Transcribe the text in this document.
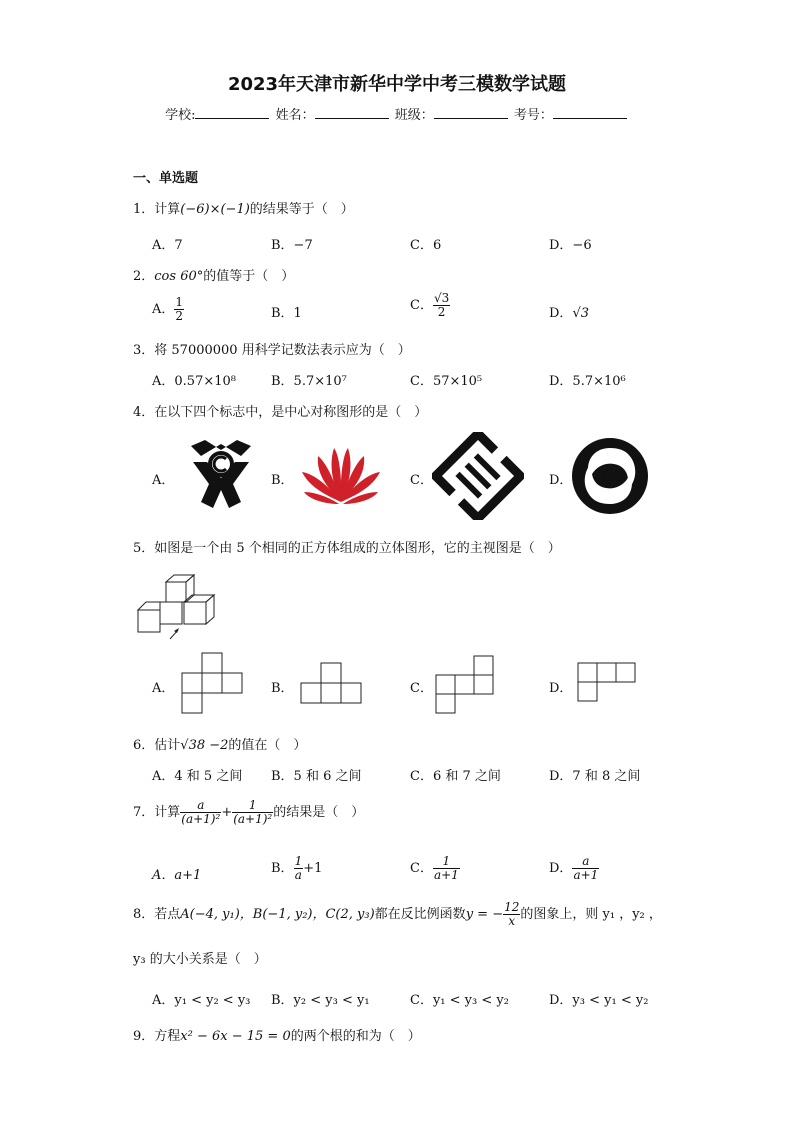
2023年天津市新华中学中考三模数学试题
学校:	姓名：	班级：	考号：
一、单选题
1．计算(−6)×(−1)的结果等于（　）
A．7	B．−7	C．6	D．−6
2．cos 60°的值等于（　）
A． $\frac{1}{2}$	B．1
C． $\frac{√3}{2}$	D．√3
3．将 57000000 用科学记数法表示应为（　）
A．0.57×10⁸	B．5.7×10⁷	C．57×10⁵	D．5.7×10⁶
4．在以下四个标志中，是中心对称图形的是（　）
A．	B．	C．	D．
5．如图是一个由 5 个相同的正方体组成的立体图形，它的主视图是（　）
A．	B．	C．	D．
6．估计√38 −2的值在（　）
A．4 和 5 之间 B．5 和 6 之间	C．6 和 7 之间	D．7 和 8 之间
7．计算 $\frac{a}{\text{(a+1)²}} + \frac{1}{\text{(a+1)²}}$ 的结果是（　）
A．a+1	B． $\frac{1}{a} +1$	C． $\frac{1}{a+1}$	D． $\frac{a}{a+1}$
8．若点A(−4, y₁)，B(−1, y₂)，C(2, y₃)都在反比例函数y = − $\frac{12}{x}$ 的图象上，则 y₁ ，y₂ ，
y₃ 的大小关系是（　）
A．y₁ < y₂ < y₃ B．y₂ < y₃ < y₁	C．y₁ < y₃ < y₂	D．y₃ < y₁ < y₂
9．方程x² − 6x − 15 = 0的两个根的和为（　）
